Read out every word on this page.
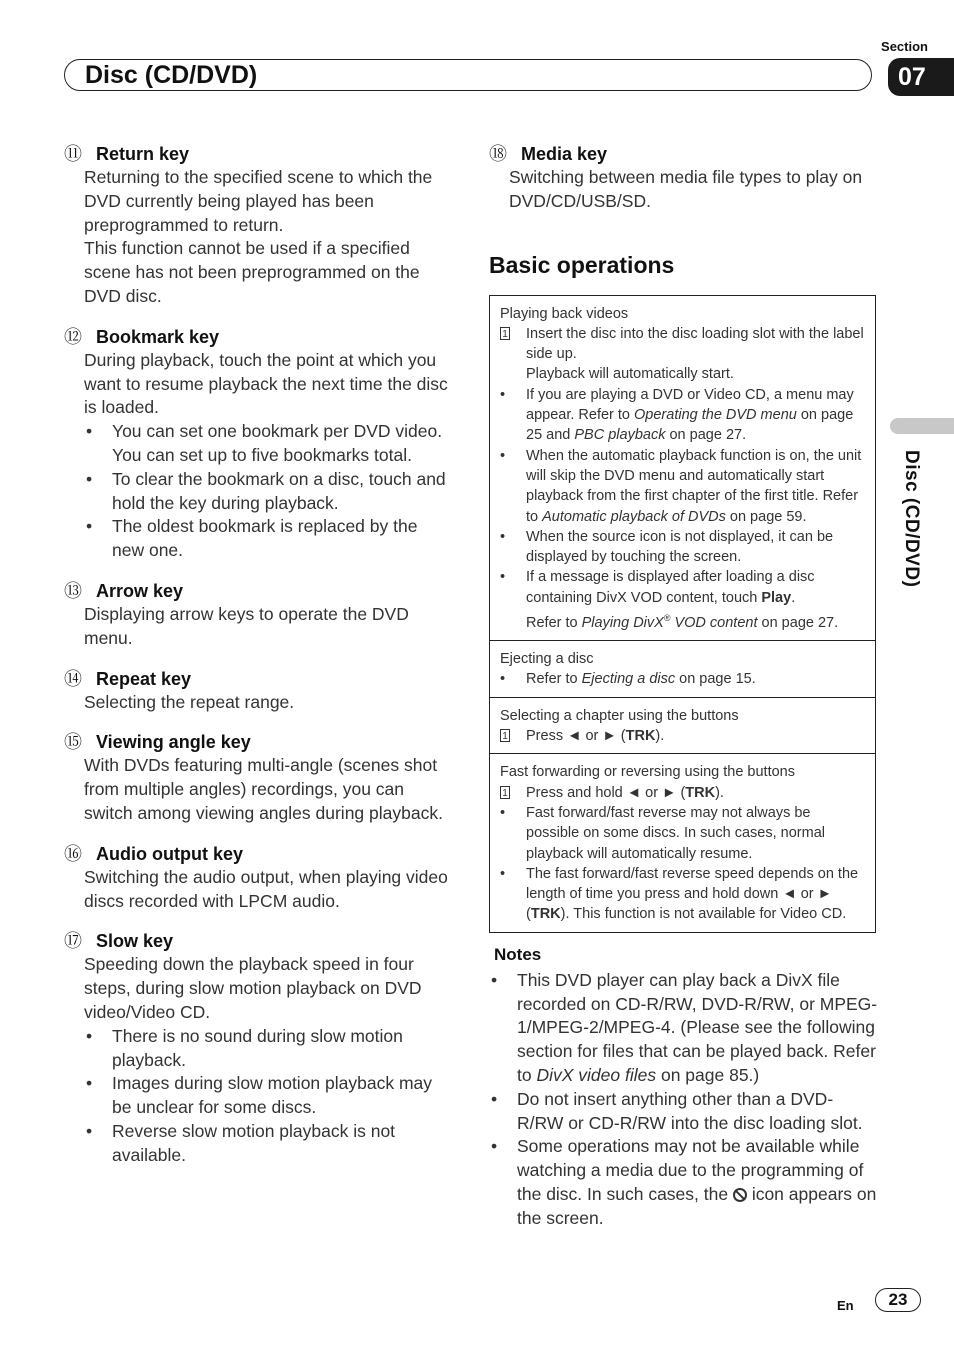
Section
Disc (CD/DVD)	07
Disc (CD/DVD)
⑪ Return key
Returning to the specified scene to which the DVD currently being played has been preprogrammed to return.
This function cannot be used if a specified scene has not been preprogrammed on the DVD disc.
⑫ Bookmark key
During playback, touch the point at which you want to resume playback the next time the disc is loaded.
•	You can set one bookmark per DVD video. You can set up to five bookmarks total.
•	To clear the bookmark on a disc, touch and hold the key during playback.
•	The oldest bookmark is replaced by the new one.
⑬ Arrow key
Displaying arrow keys to operate the DVD menu.
⑭ Repeat key
Selecting the repeat range.
⑮ Viewing angle key
With DVDs featuring multi-angle (scenes shot from multiple angles) recordings, you can switch among viewing angles during playback.
⑯ Audio output key
Switching the audio output, when playing video discs recorded with LPCM audio.
⑰ Slow key
Speeding down the playback speed in four steps, during slow motion playback on DVD video/Video CD.
•	There is no sound during slow motion playback.
•	Images during slow motion playback may be unclear for some discs.
•	Reverse slow motion playback is not available.
⑱ Media key
Switching between media file types to play on DVD/CD/USB/SD.
Basic operations
Playing back videos
1	Insert the disc into the disc loading slot with the label side up.
Playback will automatically start.
•	If you are playing a DVD or Video CD, a menu may appear. Refer to Operating the DVD menu on page 25 and PBC playback on page 27.
•	When the automatic playback function is on, the unit will skip the DVD menu and automatically start playback from the first chapter of the first title. Refer to Automatic playback of DVDs on page 59.
•	When the source icon is not displayed, it can be displayed by touching the screen.
•	If a message is displayed after loading a disc containing DivX VOD content, touch Play.
Refer to Playing DivX® VOD content on page 27.
Ejecting a disc
•	Refer to Ejecting a disc on page 15.
Selecting a chapter using the buttons
1	Press ◄ or ► (TRK).
Fast forwarding or reversing using the buttons
1	Press and hold ◄ or ► (TRK).
•	Fast forward/fast reverse may not always be possible on some discs. In such cases, normal playback will automatically resume.
•	The fast forward/fast reverse speed depends on the length of time you press and hold down ◄ or ► (TRK). This function is not available for Video CD.
Notes
•	This DVD player can play back a DivX file recorded on CD-R/RW, DVD-R/RW, or MPEG-1/MPEG-2/MPEG-4. (Please see the following section for files that can be played back. Refer to DivX video files on page 85.)
•	Do not insert anything other than a DVD-R/RW or CD-R/RW into the disc loading slot.
•	Some operations may not be available while watching a media due to the programming of the disc. In such cases, the  icon appears on the screen.
En	23
